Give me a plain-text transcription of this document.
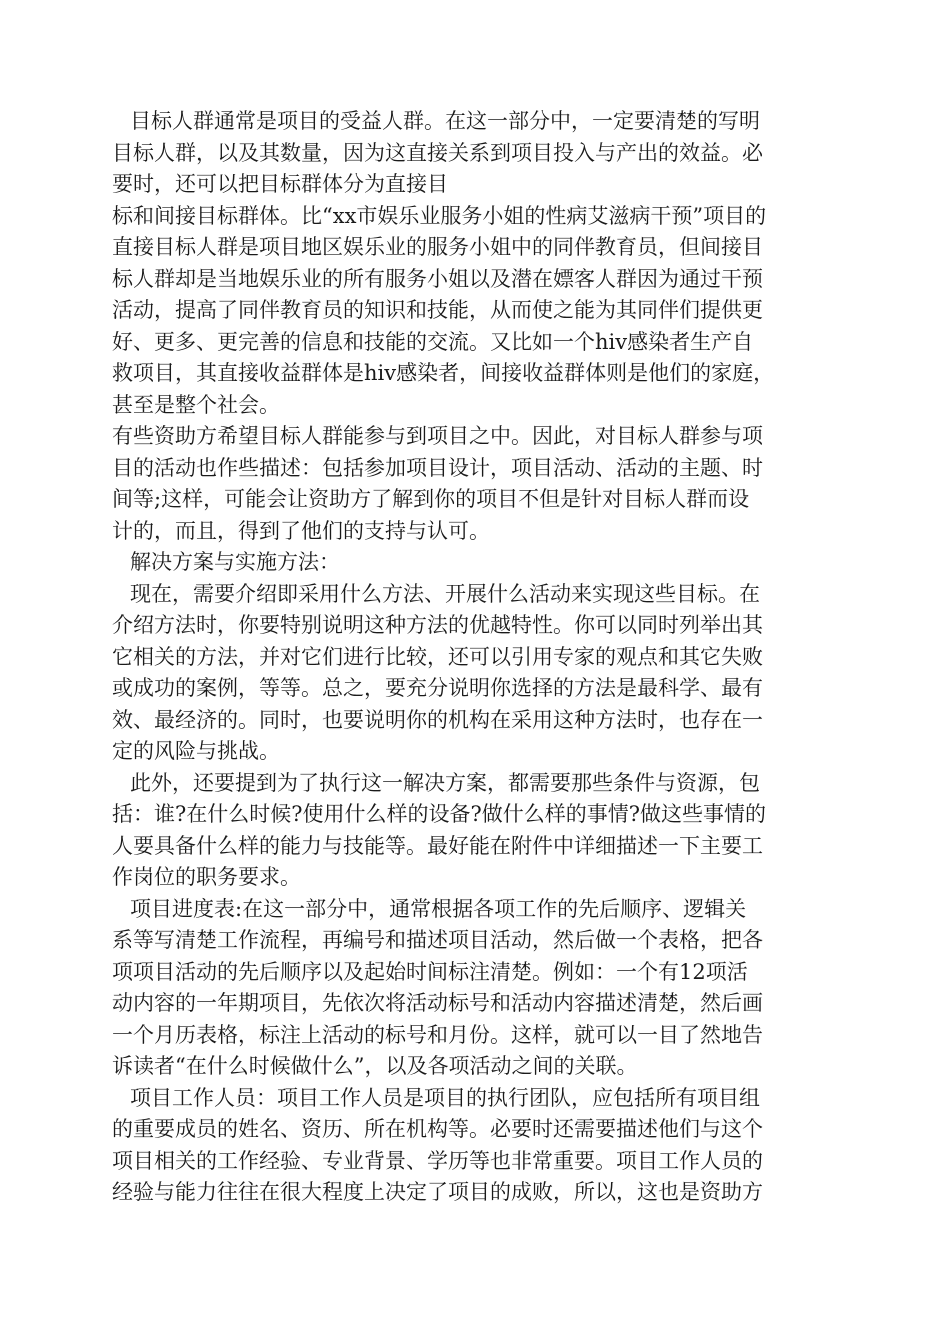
目标人群通常是项目的受益人群。在这一部分中，一定要清楚的写明
目标人群，以及其数量，因为这直接关系到项目投入与产出的效益。必
要时，还可以把目标群体分为直接目
标和间接目标群体。比“xx市娱乐业服务小姐的性病艾滋病干预”项目的
直接目标人群是项目地区娱乐业的服务小姐中的同伴教育员，但间接目
标人群却是当地娱乐业的所有服务小姐以及潜在嫖客人群因为通过干预
活动，提高了同伴教育员的知识和技能，从而使之能为其同伴们提供更
好、更多、更完善的信息和技能的交流。又比如一个hiv感染者生产自
救项目，其直接收益群体是hiv感染者，间接收益群体则是他们的家庭，
甚至是整个社会。
有些资助方希望目标人群能参与到项目之中。因此，对目标人群参与项
目的活动也作些描述：包括参加项目设计，项目活动、活动的主题、时
间等;这样，可能会让资助方了解到你的项目不但是针对目标人群而设
计的，而且，得到了他们的支持与认可。
解决方案与实施方法：
现在，需要介绍即采用什么方法、开展什么活动来实现这些目标。在
介绍方法时，你要特别说明这种方法的优越特性。你可以同时列举出其
它相关的方法，并对它们进行比较，还可以引用专家的观点和其它失败
或成功的案例，等等。总之，要充分说明你选择的方法是最科学、最有
效、最经济的。同时，也要说明你的机构在采用这种方法时，也存在一
定的风险与挑战。
此外，还要提到为了执行这一解决方案，都需要那些条件与资源，包
括：谁?在什么时候?使用什么样的设备?做什么样的事情?做这些事情的
人要具备什么样的能力与技能等。最好能在附件中详细描述一下主要工
作岗位的职务要求。
项目进度表:在这一部分中，通常根据各项工作的先后顺序、逻辑关
系等写清楚工作流程，再编号和描述项目活动，然后做一个表格，把各
项项目活动的先后顺序以及起始时间标注清楚。例如：一个有12项活
动内容的一年期项目，先依次将活动标号和活动内容描述清楚，然后画
一个月历表格，标注上活动的标号和月份。这样，就可以一目了然地告
诉读者“在什么时候做什么”，以及各项活动之间的关联。
项目工作人员：项目工作人员是项目的执行团队，应包括所有项目组
的重要成员的姓名、资历、所在机构等。必要时还需要描述他们与这个
项目相关的工作经验、专业背景、学历等也非常重要。项目工作人员的
经验与能力往往在很大程度上决定了项目的成败，所以，这也是资助方
